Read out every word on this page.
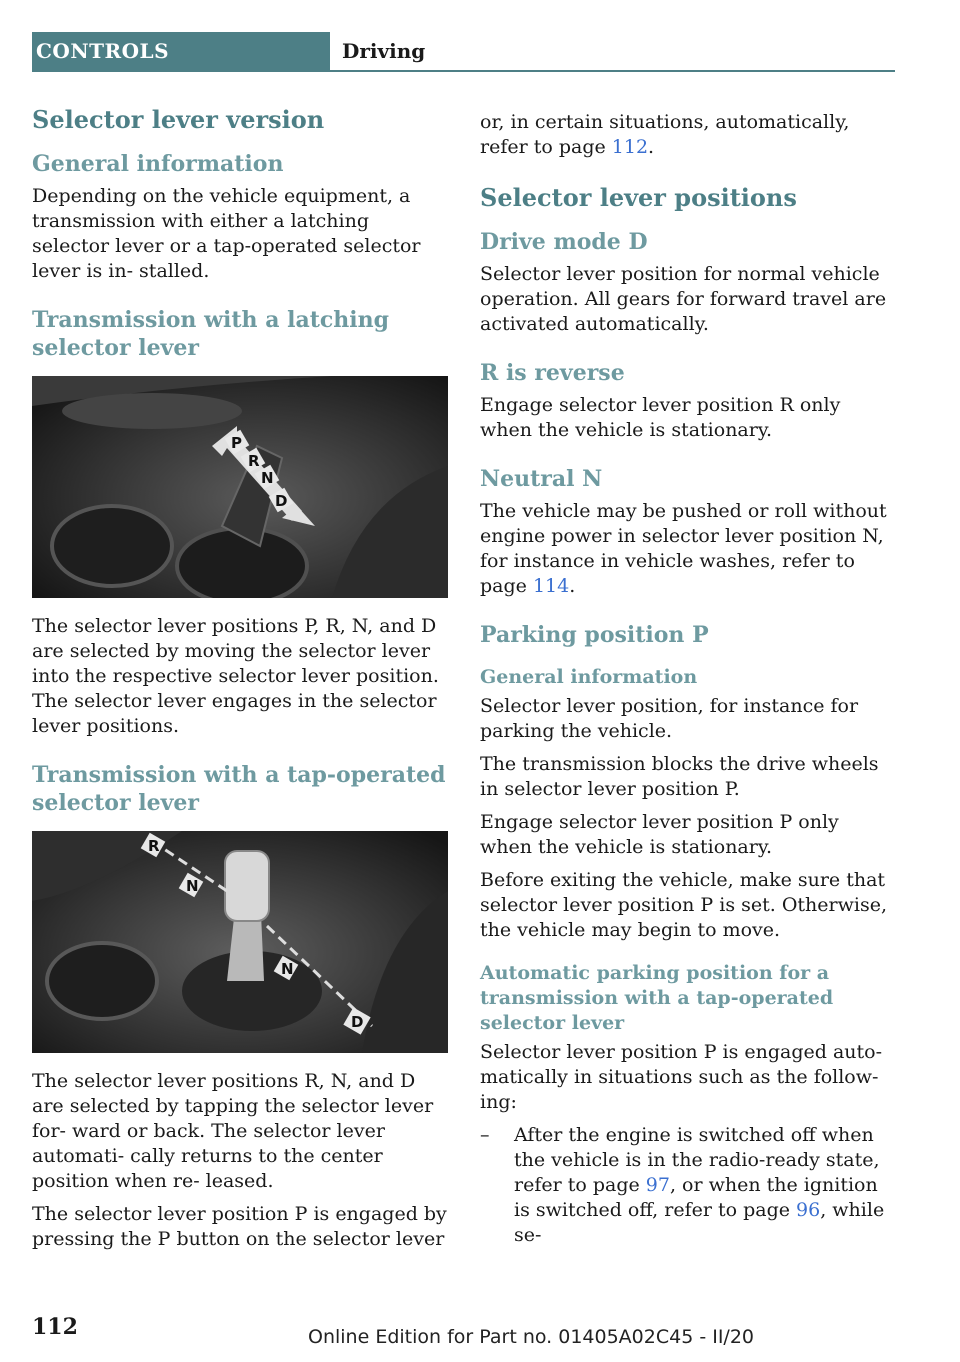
CONTROLS	Driving
Selector lever version
General information

Depending on the vehicle equipment, a transmission with either a latching selector lever or a tap-operated selector lever is in- stalled.

Transmission with a latching selector lever
P
R
N
D

The selector lever positions P, R, N, and D are selected by moving the selector lever into the respective selector lever position. The selector lever engages in the selector lever positions.

Transmission with a tap-operated selector lever
R
N
N
D

The selector lever positions R, N, and D are selected by tapping the selector lever for- ward or back. The selector lever automati- cally returns to the center position when re- leased.

The selector lever position P is engaged by pressing the P button on the selector lever

or, in certain situations, automatically, refer to page 112.

Selector lever positions
Drive mode D

Selector lever position for normal vehicle operation. All gears for forward travel are activated automatically.

R is reverse

Engage selector lever position R only when the vehicle is stationary.

Neutral N

The vehicle may be pushed or roll without engine power in selector lever position N, for instance in vehicle washes, refer to page 114.

Parking position P
General information

Selector lever position, for instance for parking the vehicle.

The transmission blocks the drive wheels in selector lever position P.

Engage selector lever position P only when the vehicle is stationary.

Before exiting the vehicle, make sure that selector lever position P is set. Otherwise, the vehicle may begin to move.

Automatic parking position for a transmission with a tap-operated selector lever

Selector lever position P is engaged auto- matically in situations such as the follow- ing:

– After the engine is switched off when the vehicle is in the radio-ready state, refer to page 97, or when the ignition is switched off, refer to page 96, while se-
112	Online Edition for Part no. 01405A02C45 - II/20
